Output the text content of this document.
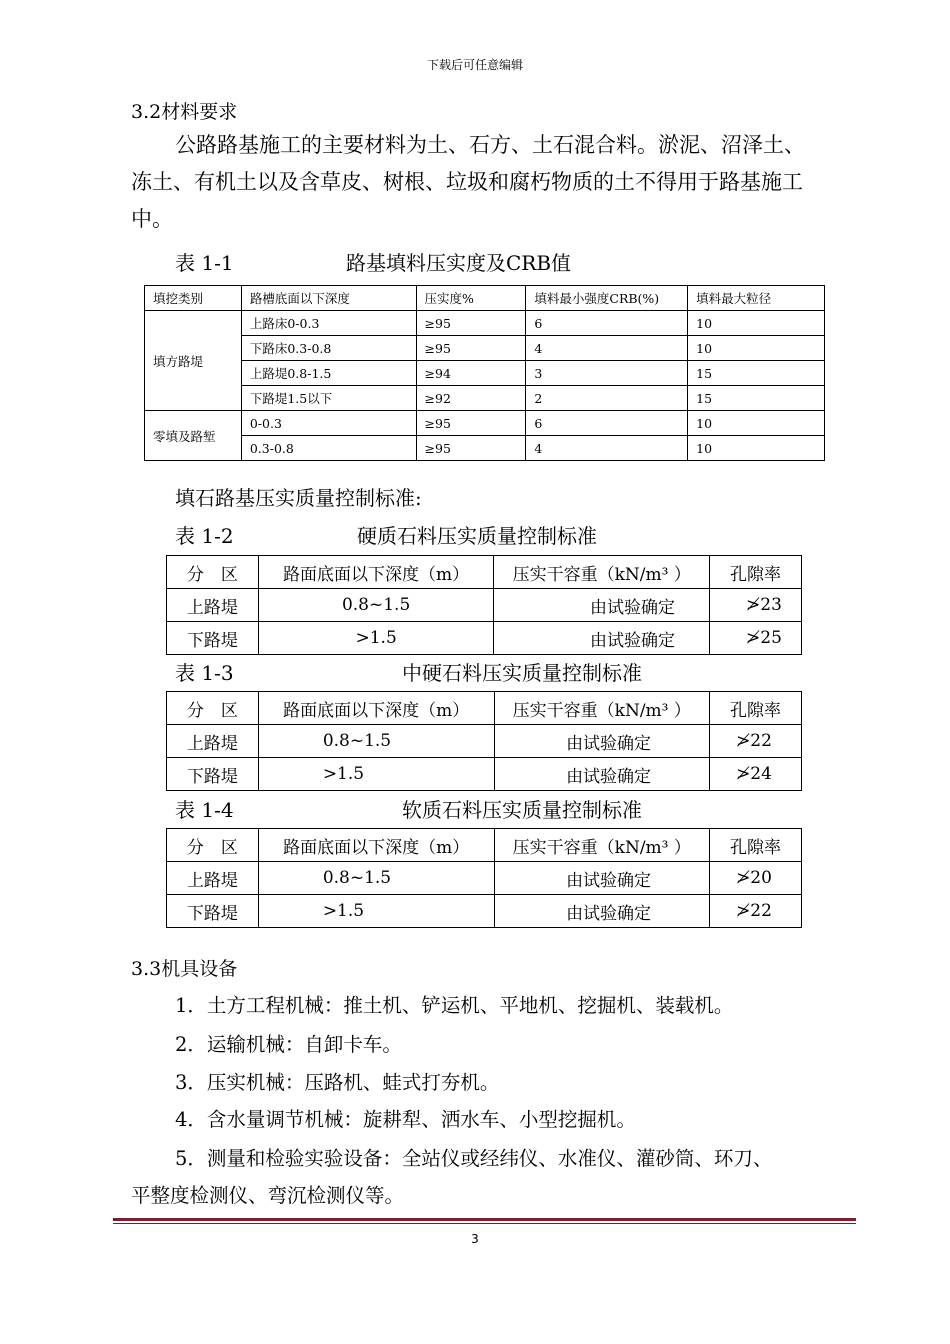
下载后可任意编辑
3.2材料要求
公路路基施工的主要材料为土、石方、土石混合料。淤泥、沼泽土、
冻土、有机土以及含草皮、树根、垃圾和腐朽物质的土不得用于路基施工
中。
表 1-1	路基填料压实度及CRB值
填挖类别	路槽底面以下深度	压实度%	填料最小强度CRB(%)	填料最大粒径
填方路堤	上路床0-0.3	≥95	6	10
	下路床0.3-0.8	≥95	4	10
	上路堤0.8-1.5	≥94	3	15
	下路堤1.5以下	≥92	2	15
零填及路堑	0-0.3	≥95	6	10
	0.3-0.8	≥95	4	10
填石路基压实质量控制标准:
表 1-2	硬质石料压实质量控制标准
分　区	路面底面以下深度（m）	压实干容重（kN/m³ ）	孔隙率
上路堤	0.8~1.5	由试验确定	≯23
下路堤	>1.5	由试验确定	≯25
表 1-3	中硬石料压实质量控制标准
分　区	路面底面以下深度（m）	压实干容重（kN/m³ ）	孔隙率
上路堤	0.8~1.5	由试验确定	≯22
下路堤	>1.5	由试验确定	≯24
表 1-4	软质石料压实质量控制标准
分　区	路面底面以下深度（m）	压实干容重（kN/m³ ）	孔隙率
上路堤	0.8~1.5	由试验确定	≯20
下路堤	>1.5	由试验确定	≯22
3.3机具设备
1．土方工程机械：推土机、铲运机、平地机、挖掘机、装载机。
2．运输机械：自卸卡车。
3．压实机械：压路机、蛙式打夯机。
4．含水量调节机械：旋耕犁、洒水车、小型挖掘机。
5．测量和检验实验设备：全站仪或经纬仪、水准仪、灌砂筒、环刀、
平整度检测仪、弯沉检测仪等。
3
